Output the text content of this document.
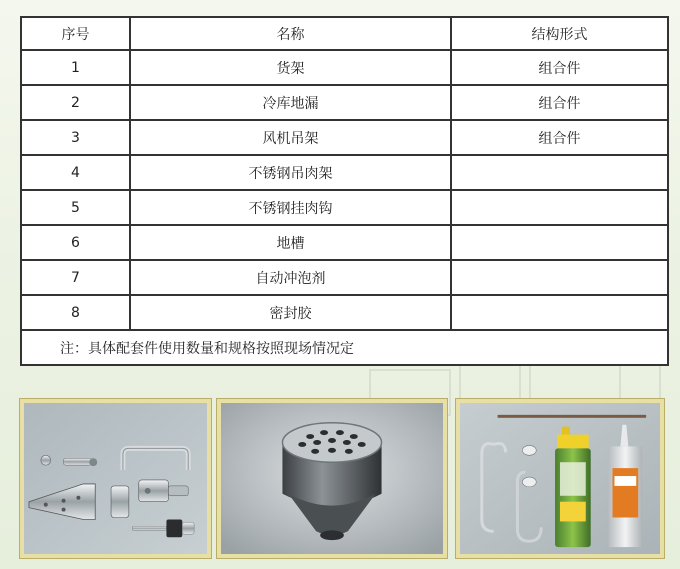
序号	名称	结构形式
1	货架	组合件
2	冷库地漏	组合件
3	风机吊架	组合件
4	不锈钢吊肉架	
5	不锈钢挂肉钩	
6	地槽	
7	自动冲泡剂	
8	密封胶	
注：具体配套件使用数量和规格按照现场情况定		
